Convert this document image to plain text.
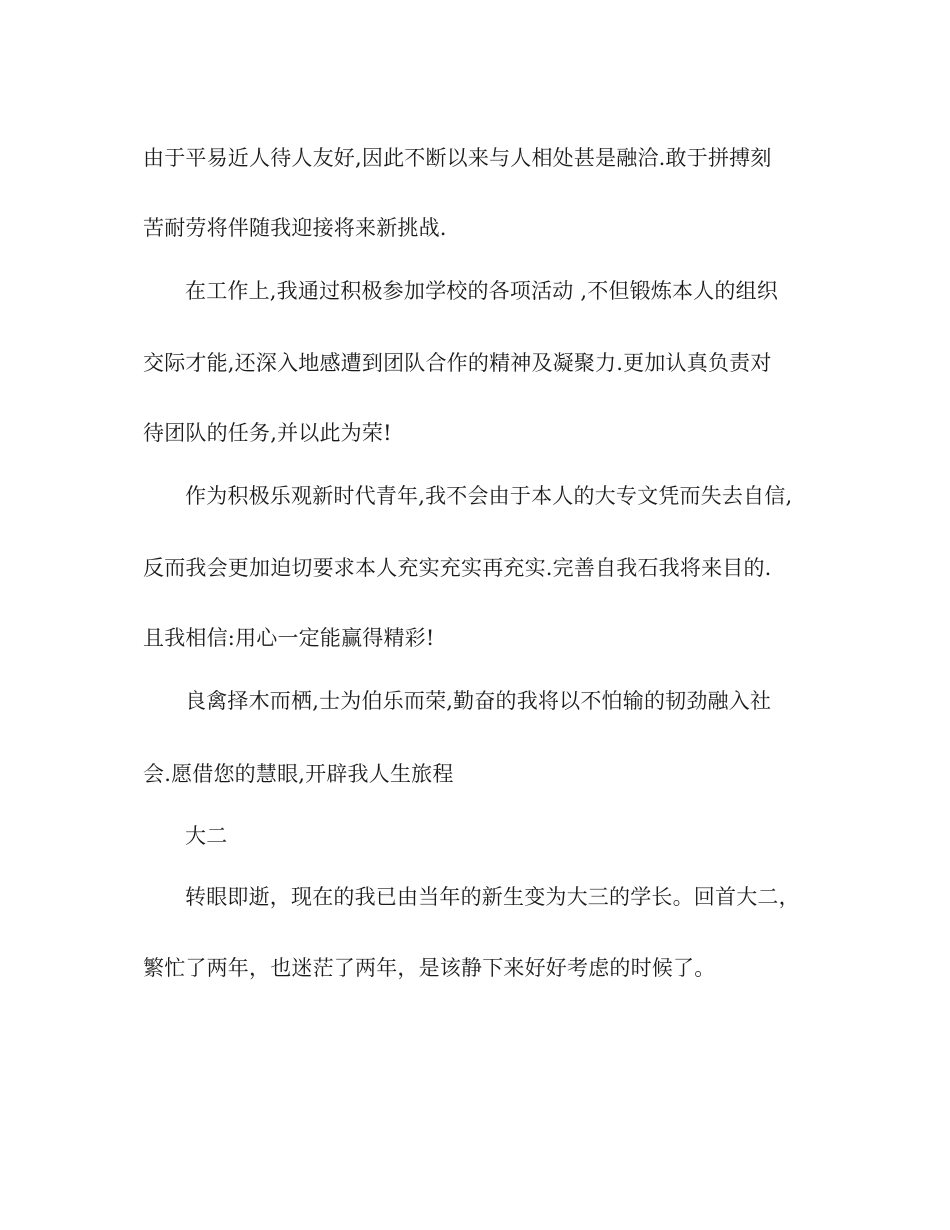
由于平易近人待人友好,因此不断以来与人相处甚是融洽.敢于拼搏刻
苦耐劳将伴随我迎接将来新挑战.
在工作上,我通过积极参加学校的各项活动 ,不但锻炼本人的组织
交际才能,还深入地感遭到团队合作的精神及凝聚力.更加认真负责对
待团队的任务,并以此为荣!
作为积极乐观新时代青年,我不会由于本人的大专文凭而失去自信,
反而我会更加迫切要求本人充实充实再充实.完善自我石我将来目的.
且我相信:用心一定能赢得精彩!
良禽择木而栖,士为伯乐而荣,勤奋的我将以不怕输的韧劲融入社
会.愿借您的慧眼,开辟我人生旅程
大二
转眼即逝，现在的我已由当年的新生变为大三的学长。回首大二，
繁忙了两年，也迷茫了两年，是该静下来好好考虑的时候了。
